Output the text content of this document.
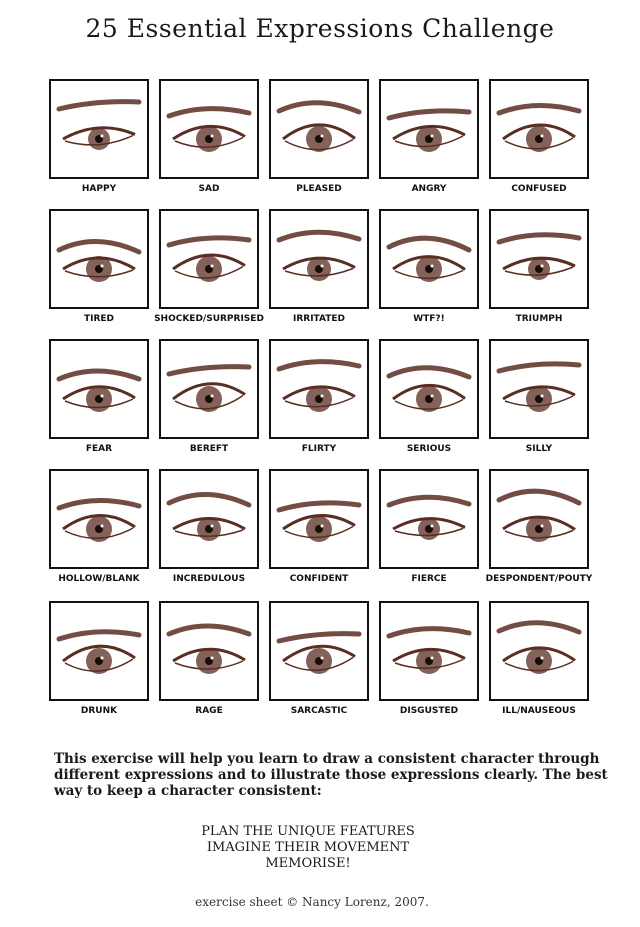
25 Essential Expressions Challenge
HAPPY	SAD	PLEASED	ANGRY	CONFUSED
TIRED	SHOCKED/SURPRISED	IRRITATED	WTF?!	TRIUMPH
FEAR	BEREFT	FLIRTY	SERIOUS	SILLY
HOLLOW/BLANK	INCREDULOUS	CONFIDENT	FIERCE	DESPONDENT/POUTY
DRUNK	RAGE	SARCASTIC	DISGUSTED	ILL/NAUSEOUS
This exercise will help you learn to draw a consistent character through different expressions and to illustrate those expressions clearly. The best way to keep a character consistent:
PLAN THE UNIQUE FEATURES
IMAGINE THEIR MOVEMENT
MEMORISE!
exercise sheet © Nancy Lorenz, 2007.
